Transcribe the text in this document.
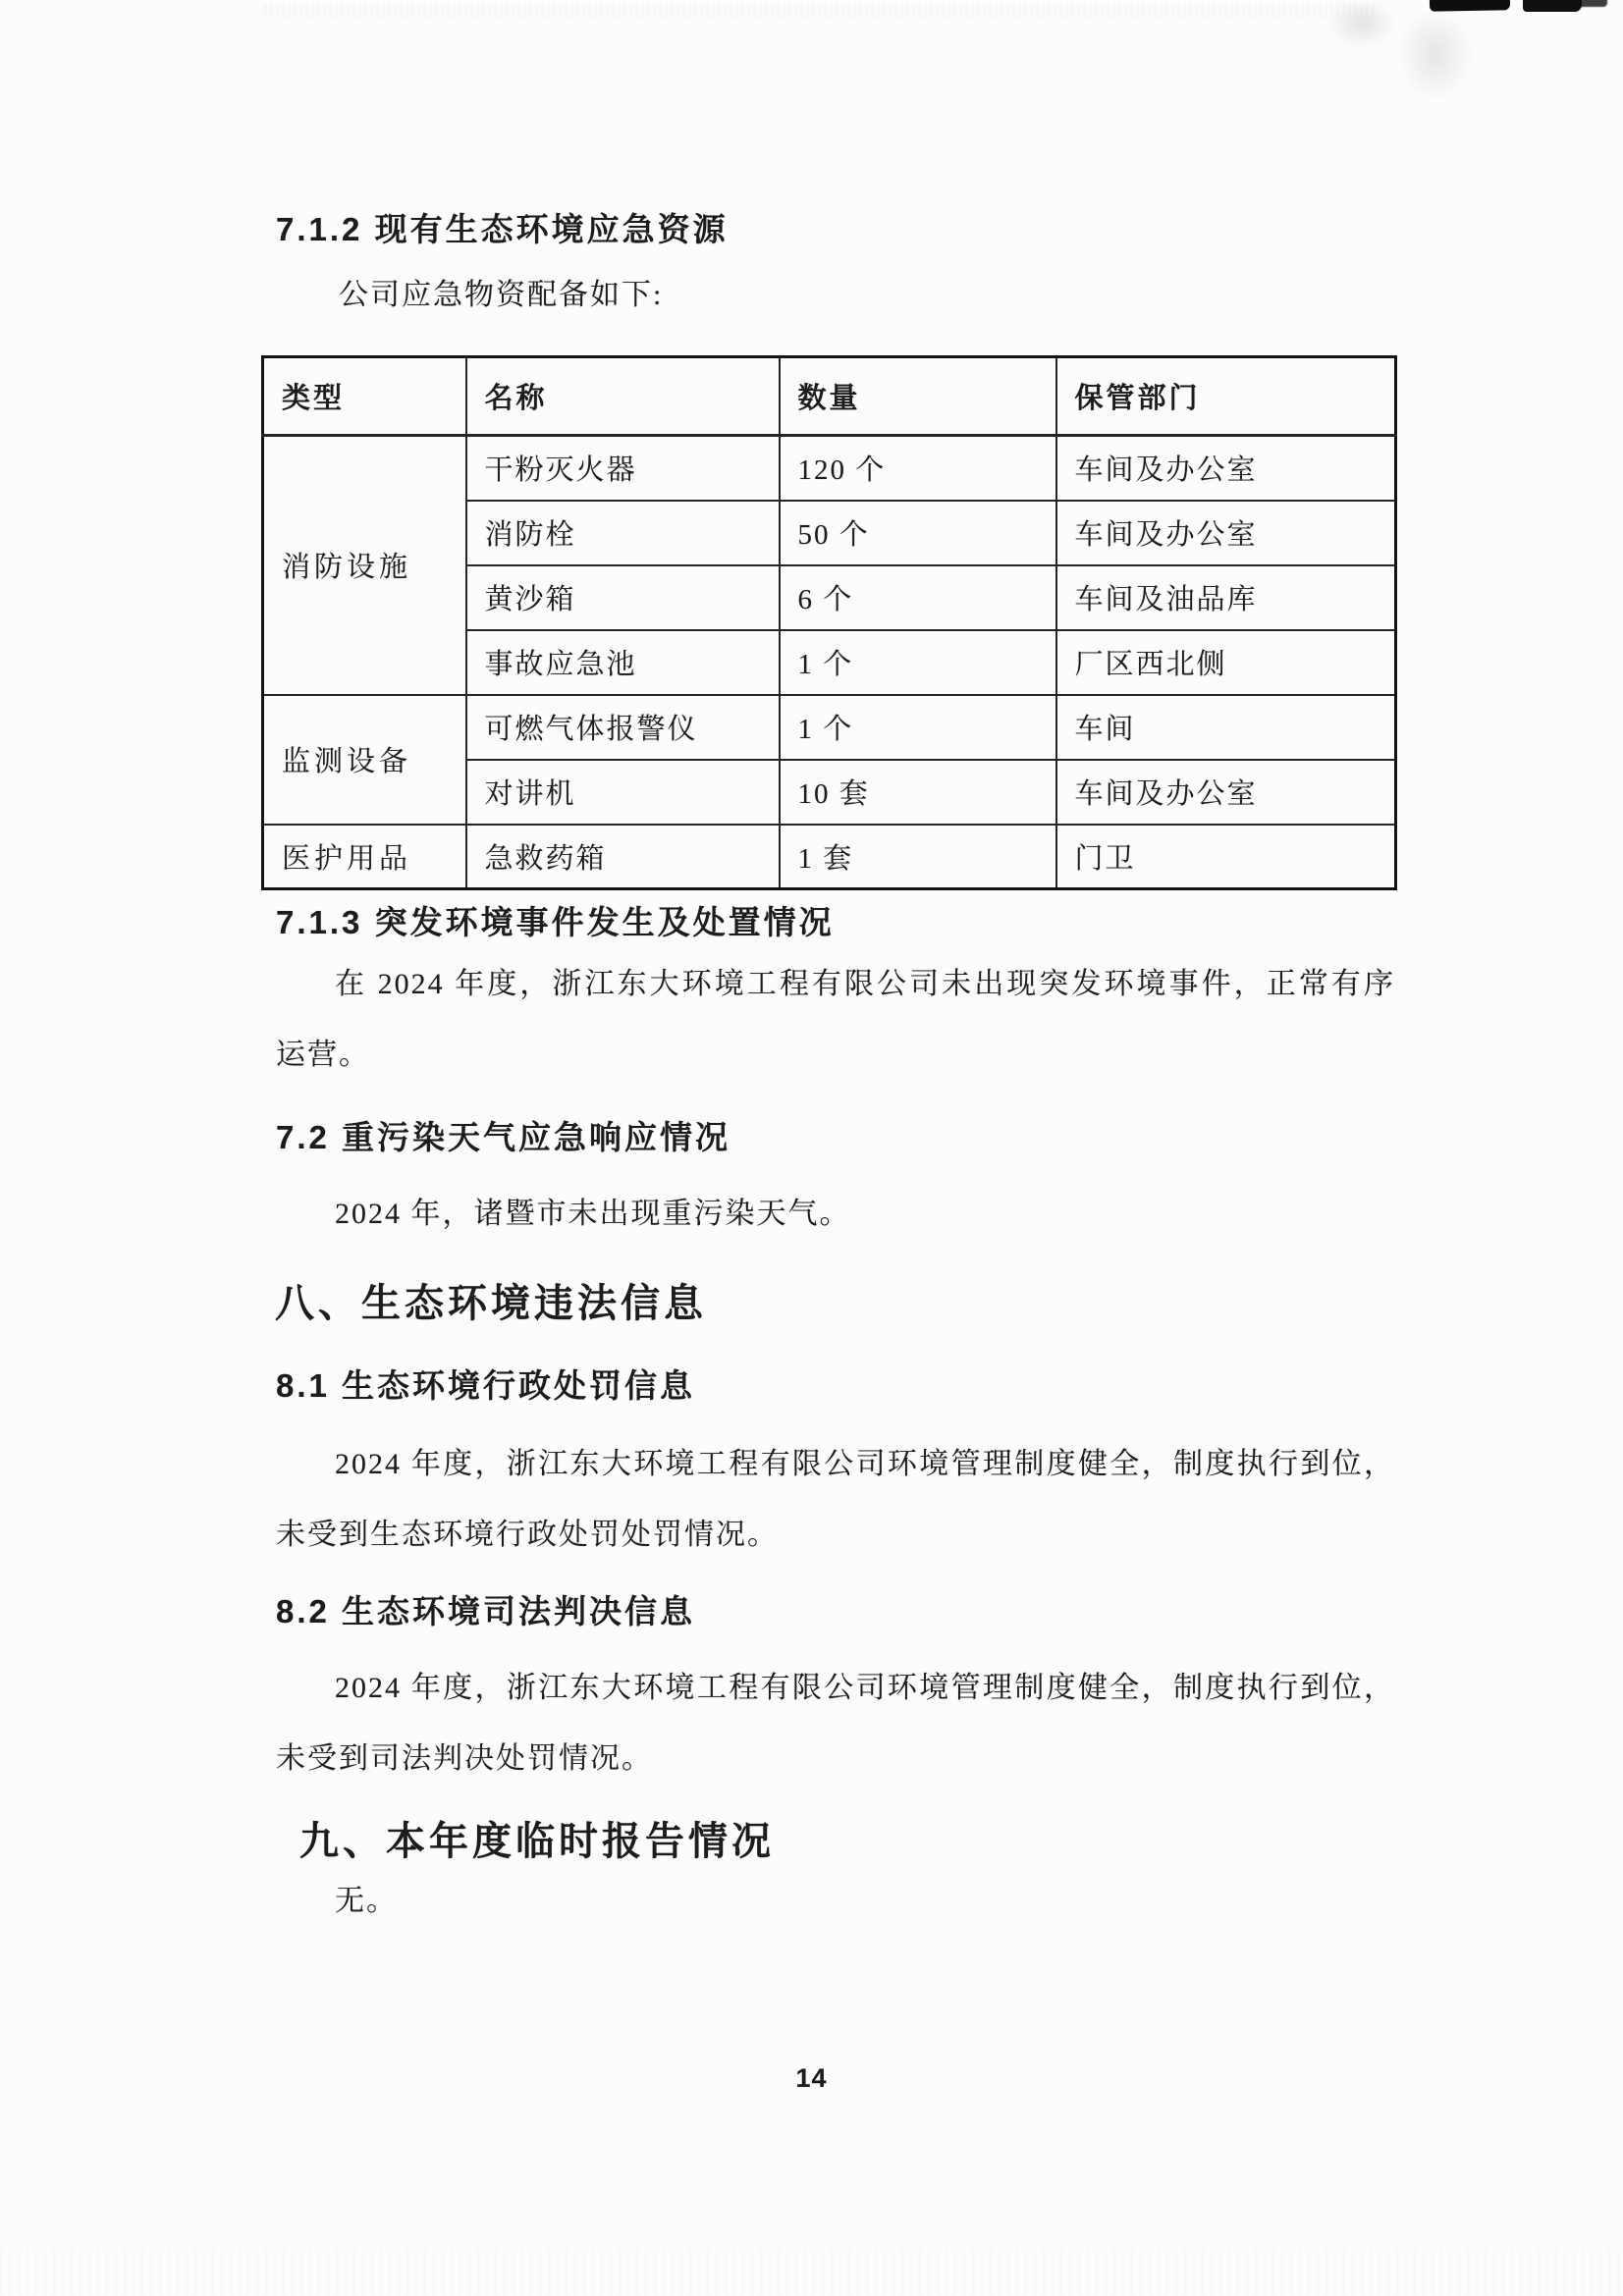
7.1.2 现有生态环境应急资源
公司应急物资配备如下:
类型	名称	数量	保管部门
消防设施	干粉灭火器	120 个	车间及办公室
	消防栓	50 个	车间及办公室
	黄沙箱	6 个	车间及油品库
	事故应急池	1 个	厂区西北侧
监测设备	可燃气体报警仪	1 个	车间
	对讲机	10 套	车间及办公室
医护用品	急救药箱	1 套	门卫
7.1.3 突发环境事件发生及处置情况
在 2024 年度，浙江东大环境工程有限公司未出现突发环境事件，正常有序
运营。
7.2 重污染天气应急响应情况
2024 年，诸暨市未出现重污染天气。
八、生态环境违法信息
8.1 生态环境行政处罚信息
2024 年度，浙江东大环境工程有限公司环境管理制度健全，制度执行到位，
未受到生态环境行政处罚处罚情况。
8.2 生态环境司法判决信息
2024 年度，浙江东大环境工程有限公司环境管理制度健全，制度执行到位，
未受到司法判决处罚情况。
九、本年度临时报告情况
无。
14
